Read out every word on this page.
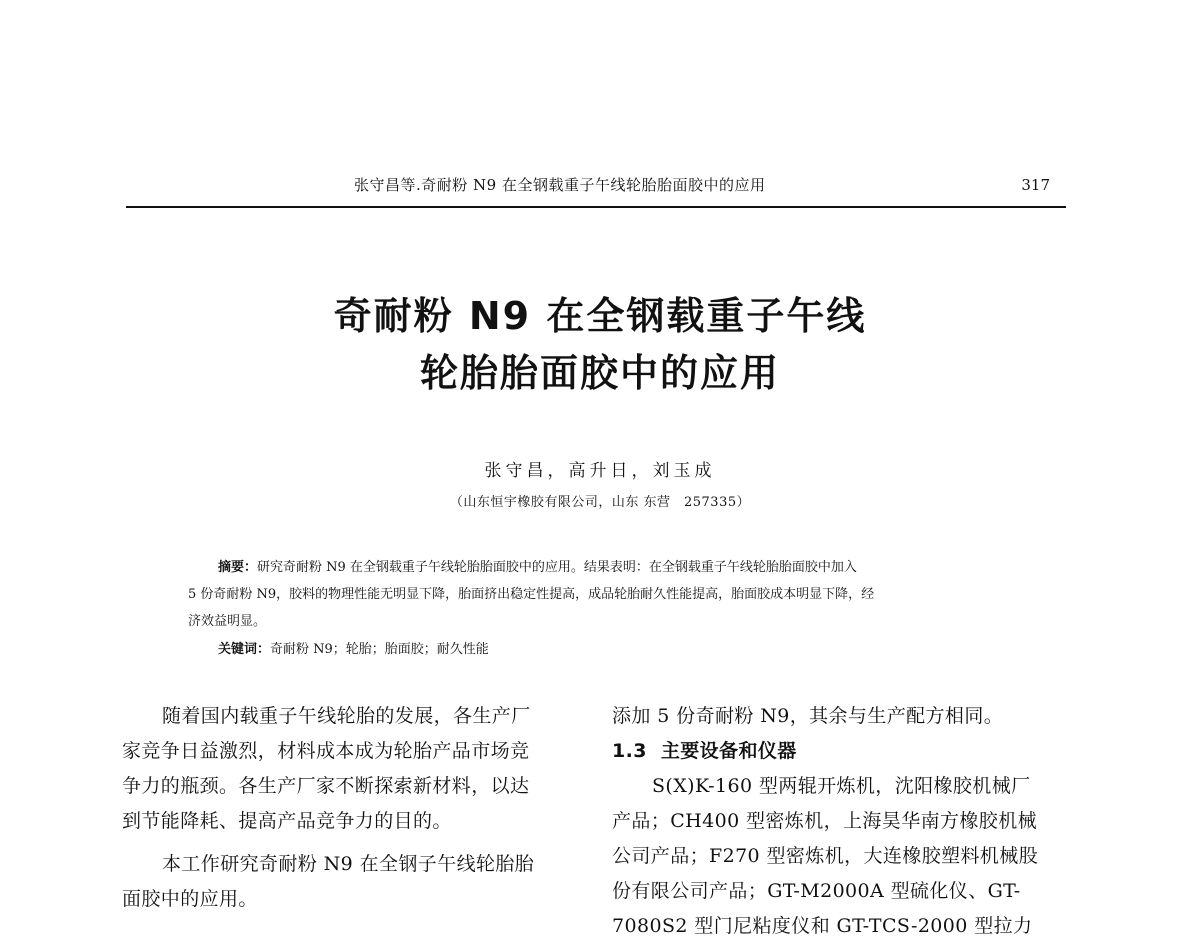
张守昌等.奇耐粉 N9 在全钢载重子午线轮胎胎面胶中的应用	317
奇耐粉 N9 在全钢载重子午线
轮胎胎面胶中的应用
张守昌，高升日，刘玉成
（山东恒宇橡胶有限公司，山东 东营　257335）

摘要：研究奇耐粉 N9 在全钢载重子午线轮胎胎面胶中的应用。结果表明：在全钢载重子午线轮胎胎面胶中加入

5 份奇耐粉 N9，胶料的物理性能无明显下降，胎面挤出稳定性提高，成品轮胎耐久性能提高，胎面胶成本明显下降，经

济效益明显。

关键词：奇耐粉 N9；轮胎；胎面胶；耐久性能
随着国内载重子午线轮胎的发展，各生产厂
家竞争日益激烈，材料成本成为轮胎产品市场竞
争力的瓶颈。各生产厂家不断探索新材料，以达
到节能降耗、提高产品竞争力的目的。
本工作研究奇耐粉 N9 在全钢子午线轮胎胎
面胶中的应用。
添加 5 份奇耐粉 N9，其余与生产配方相同。
1.3 主要设备和仪器
S(X)K-160 型两辊开炼机，沈阳橡胶机械厂
产品；CH400 型密炼机，上海昊华南方橡胶机械
公司产品；F270 型密炼机，大连橡胶塑料机械股
份有限公司产品；GT-M2000A 型硫化仪、GT-
7080S2 型门尼粘度仪和 GT-TCS-2000 型拉力
